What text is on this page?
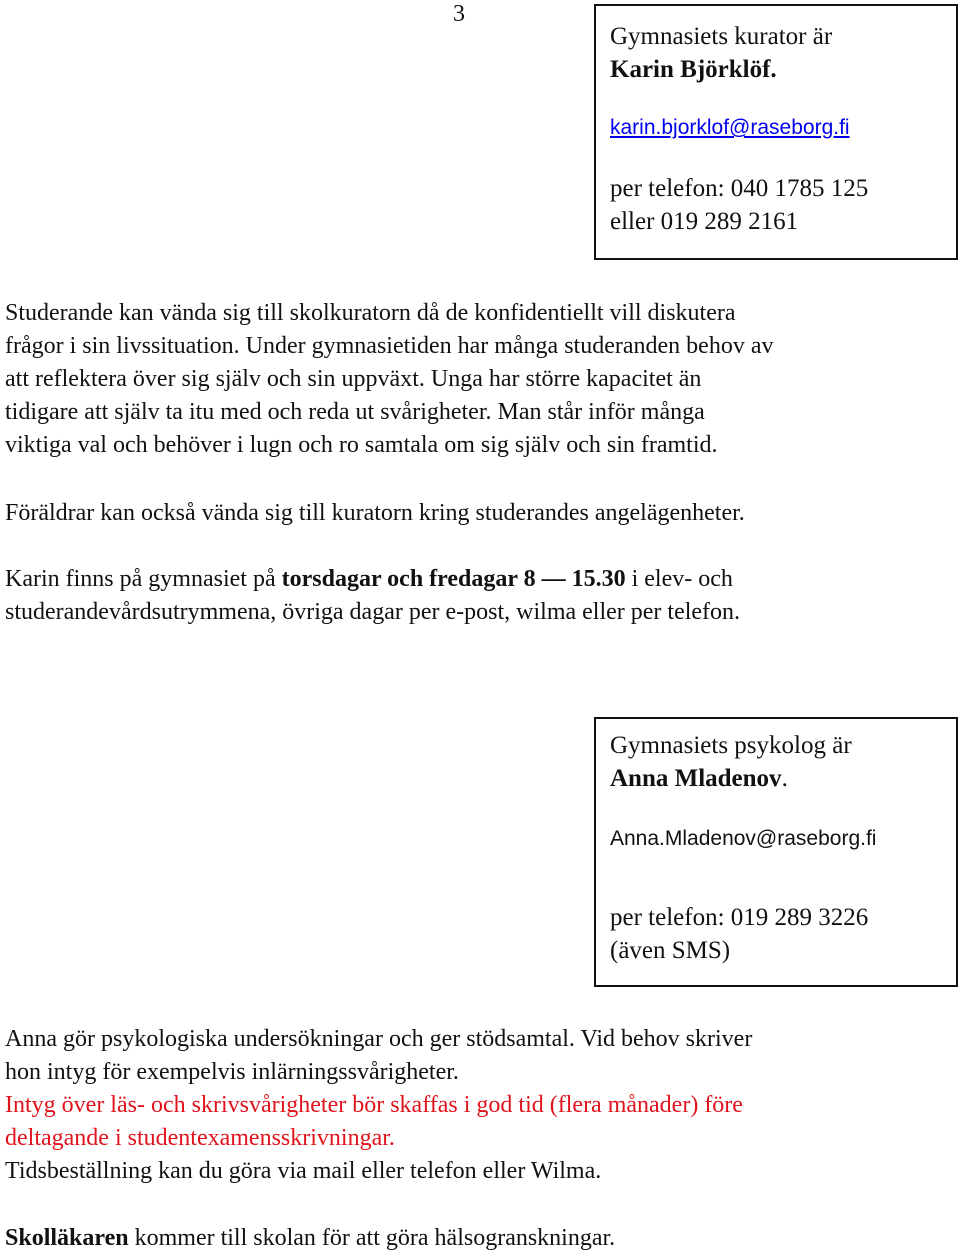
3
Gymnasiets kurator är
Karin Björklöf.
karin.bjorklof@raseborg.fi
per telefon: 040 1785 125
eller 019 289 2161
Studerande kan vända sig till skolkuratorn då de konfidentiellt vill diskutera
frågor i sin livssituation. Under gymnasietiden har många studeranden behov av
att reflektera över sig själv och sin uppväxt. Unga har större kapacitet än
tidigare att själv ta itu med och reda ut svårigheter. Man står inför många
viktiga val och behöver i lugn och ro samtala om sig själv och sin framtid.
Föräldrar kan också vända sig till kuratorn kring studerandes angelägenheter.
Karin finns på gymnasiet på torsdagar och fredagar 8 — 15.30 i elev- och
studerandevårdsutrymmena, övriga dagar per e-post, wilma eller per telefon.
Gymnasiets psykolog är
Anna Mladenov.
Anna.Mladenov@raseborg.fi
per telefon: 019 289 3226
(även SMS)
Anna gör psykologiska undersökningar och ger stödsamtal. Vid behov skriver
hon intyg för exempelvis inlärningssvårigheter.
Intyg över läs- och skrivsvårigheter bör skaffas i god tid (flera månader) före
deltagande i studentexamensskrivningar.
Tidsbeställning kan du göra via mail eller telefon eller Wilma.
Skolläkaren kommer till skolan för att göra hälsogranskningar.
